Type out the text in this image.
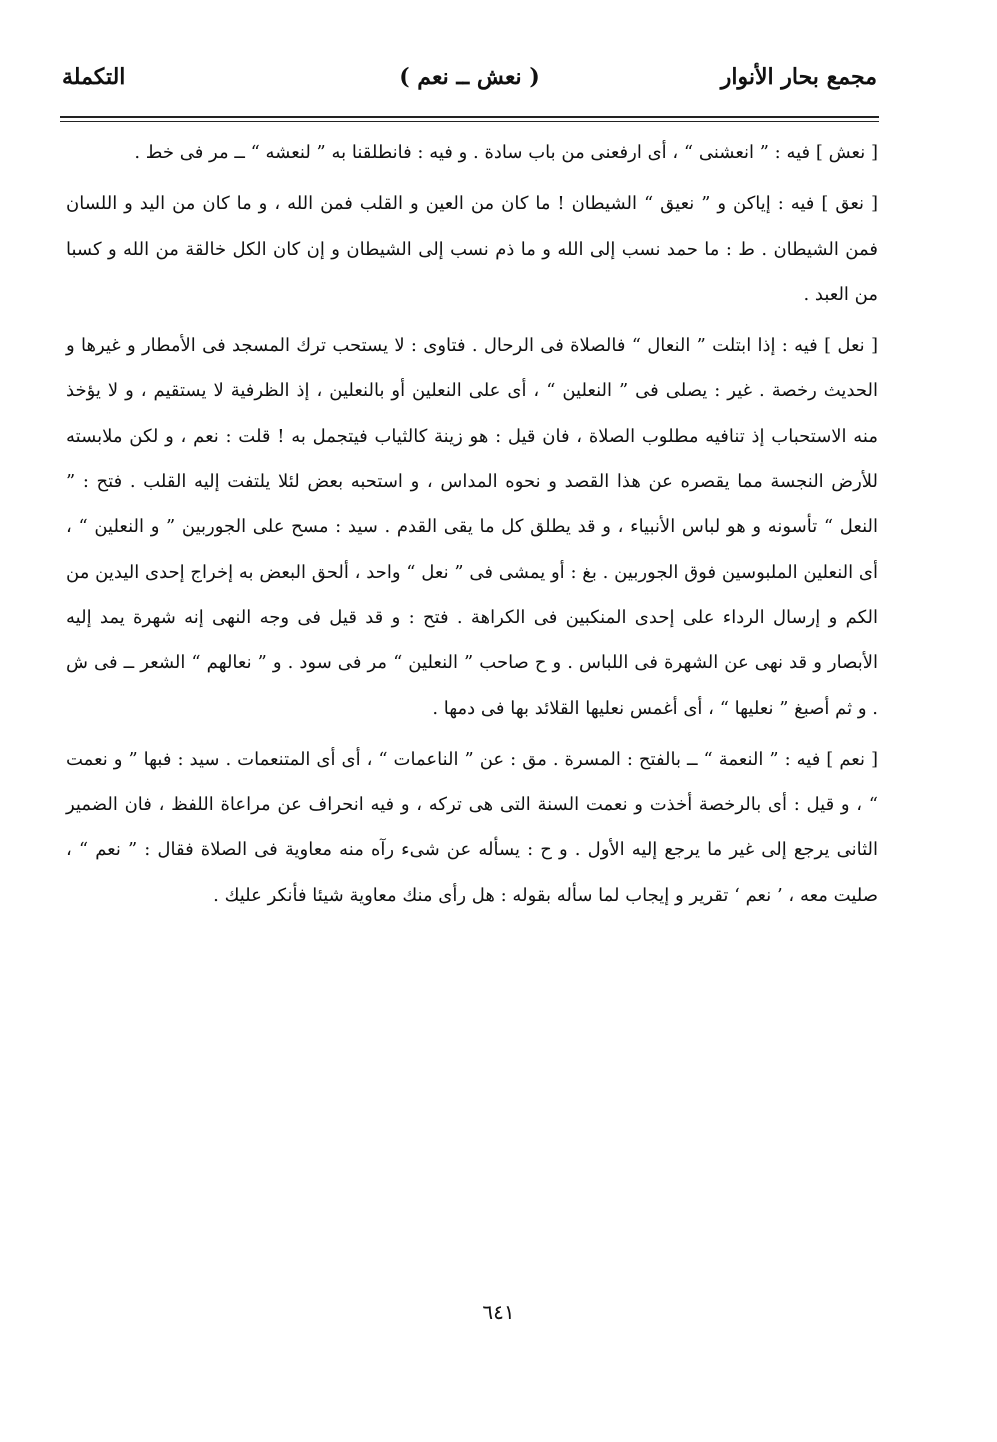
مجمع بحار الأنوار
( نعش ــ نعم )
التكملة

[ نعش ] فيه : ” انعشنى “ ، أى ارفعنى من باب سادة . و فيه : فانطلقنا به ” لنعشه “ ــ مر فى خط .

[ نعق ] فيه : إياكن و ” نعيق “ الشيطان ! ما كان من العين و القلب فمن الله ، و ما كان من اليد و اللسان فمن الشيطان . ط : ما حمد نسب إلى الله و ما ذم نسب إلى الشيطان و إن كان الكل خالقة من الله و كسبا من العبد .

[ نعل ] فيه : إذا ابتلت ” النعال “ فالصلاة فى الرحال . فتاوى : لا يستحب ترك المسجد فى الأمطار و غيرها و الحديث رخصة . غير : يصلى فى ” النعلين “ ، أى على النعلين أو بالنعلين ، إذ الظرفية لا يستقيم ، و لا يؤخذ منه الاستحباب إذ تنافيه مطلوب الصلاة ، فان قيل : هو زينة كالثياب فيتجمل به ! قلت : نعم ، و لكن ملابسته للأرض النجسة مما يقصره عن هذا القصد و نحوه المداس ، و استحبه بعض لئلا يلتفت إليه القلب . فتح : ” النعل “ تأسونه و هو لباس الأنبياء ، و قد يطلق كل ما يقى القدم . سيد : مسح على الجوربين ” و النعلين “ ، أى النعلين الملبوسين فوق الجوربين . بغ : أو يمشى فى ” نعل “ واحد ، ألحق البعض به إخراج إحدى اليدين من الكم و إرسال الرداء على إحدى المنكبين فى الكراهة . فتح : و قد قيل فى وجه النهى إنه شهرة يمد إليه الأبصار و قد نهى عن الشهرة فى اللباس . و ح صاحب ” النعلين “ مر فى سود . و ” نعالهم “ الشعر ــ فى ش . و ثم أصبغ ” نعليها “ ، أى أغمس نعليها القلائد بها فى دمها .

[ نعم ] فيه : ” النعمة “ ــ بالفتح : المسرة . مق : عن ” الناعمات “ ، أى أى المتنعمات . سيد : فبها ” و نعمت “ ، و قيل : أى بالرخصة أخذت و نعمت السنة التى هى تركه ، و فيه انحراف عن مراعاة اللفظ ، فان الضمير الثانى يرجع إلى غير ما يرجع إليه الأول . و ح : يسأله عن شىء رآه منه معاوية فى الصلاة فقال : ” نعم “ ، صليت معه ، ’ نعم ‘ تقرير و إيجاب لما سأله بقوله : هل رأى منك معاوية شيئا فأنكر عليك .

٦٤١
